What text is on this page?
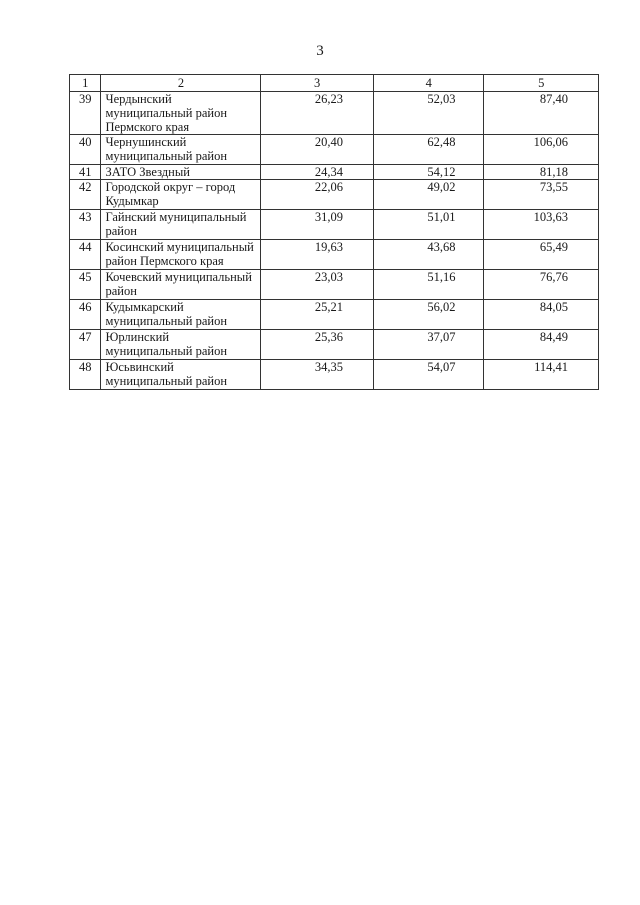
3
1	2	3	4	5
39	Чердынский муниципальный район Пермского края	26,23	52,03	87,40
40	Чернушинский муниципальный район	20,40	62,48	106,06
41	ЗАТО Звездный	24,34	54,12	81,18
42	Городской округ – город Кудымкар	22,06	49,02	73,55
43	Гайнский муниципальный район	31,09	51,01	103,63
44	Косинский муниципальный район Пермского края	19,63	43,68	65,49
45	Кочевский муниципальный район	23,03	51,16	76,76
46	Кудымкарский муниципальный район	25,21	56,02	84,05
47	Юрлинский муниципальный район	25,36	37,07	84,49
48	Юсьвинский муниципальный район	34,35	54,07	114,41
